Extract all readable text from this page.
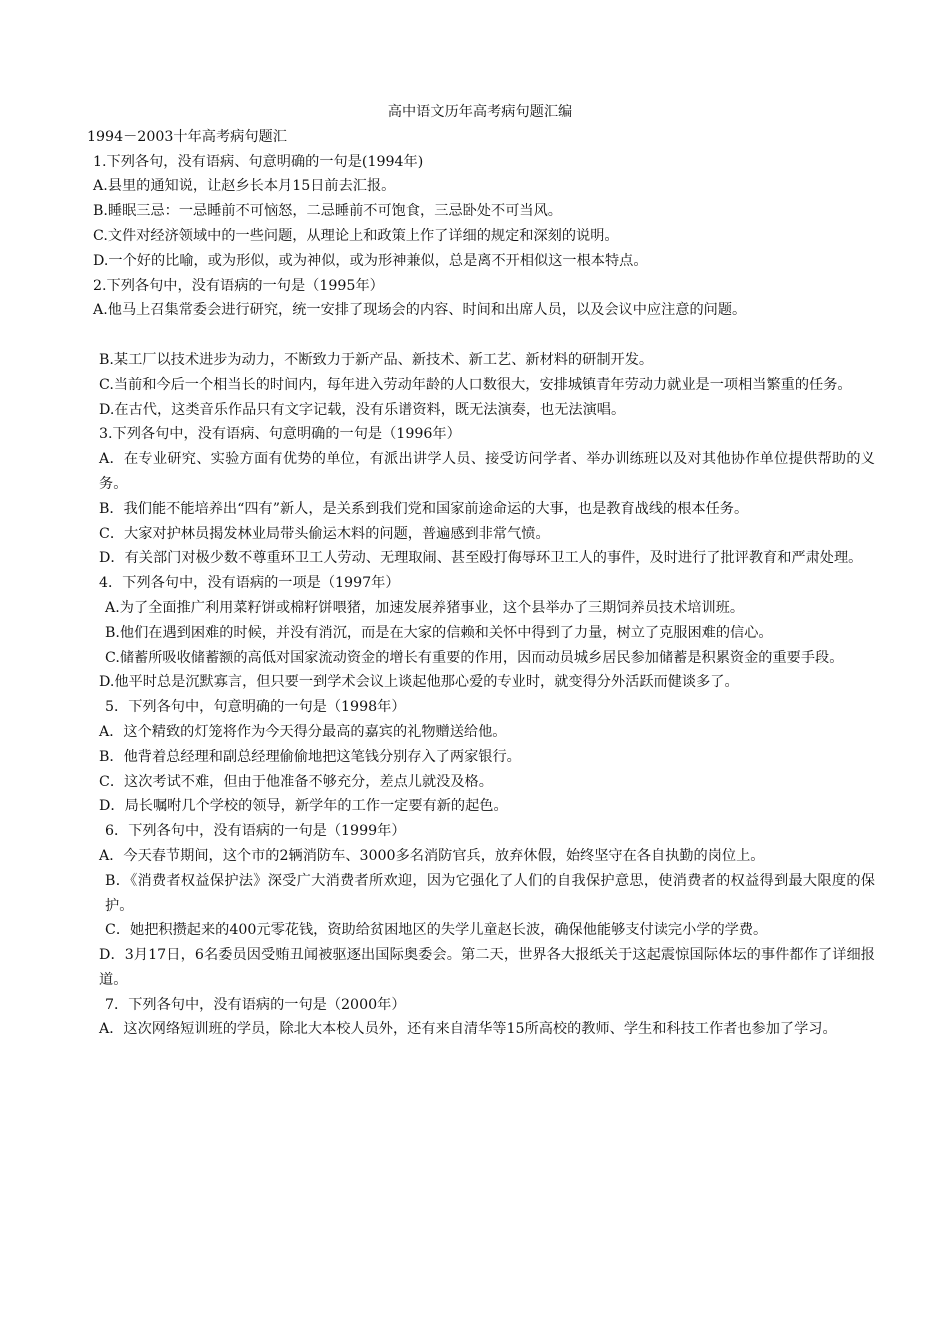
高中语文历年高考病句题汇编
1994－2003十年高考病句题汇
1.下列各句，没有语病、句意明确的一句是(1994年)
A.县里的通知说，让赵乡长本月15日前去汇报。
B.睡眠三忌：一忌睡前不可恼怒，二忌睡前不可饱食，三忌卧处不可当风。
C.文件对经济领域中的一些问题，从理论上和政策上作了详细的规定和深刻的说明。
D.一个好的比喻，或为形似，或为神似，或为形神兼似，总是离不开相似这一根本特点。
2.下列各句中，没有语病的一句是（1995年）
A.他马上召集常委会进行研究，统一安排了现场会的内容、时间和出席人员，以及会议中应注意的问题。
B.某工厂以技术进步为动力，不断致力于新产品、新技术、新工艺、新材料的研制开发。
C.当前和今后一个相当长的时间内，每年进入劳动年龄的人口数很大，安排城镇青年劳动力就业是一项相当繁重的任务。
D.在古代，这类音乐作品只有文字记载，没有乐谱资料，既无法演奏，也无法演唱。
3.下列各句中，没有语病、句意明确的一句是（1996年）
A．在专业研究、实验方面有优势的单位，有派出讲学人员、接受访问学者、举办训练班以及对其他协作单位提供帮助的义务。
B．我们能不能培养出“四有”新人，是关系到我们党和国家前途命运的大事，也是教育战线的根本任务。
C．大家对护林员揭发林业局带头偷运木料的问题，普遍感到非常气愤。
D．有关部门对极少数不尊重环卫工人劳动、无理取闹、甚至殴打侮辱环卫工人的事件，及时进行了批评教育和严肃处理。
4．下列各句中，没有语病的一项是（1997年）
A.为了全面推广利用菜籽饼或棉籽饼喂猪，加速发展养猪事业，这个县举办了三期饲养员技术培训班。
B.他们在遇到困难的时候，并没有消沉，而是在大家的信赖和关怀中得到了力量，树立了克服困难的信心。
C.储蓄所吸收储蓄额的高低对国家流动资金的增长有重要的作用，因而动员城乡居民参加储蓄是积累资金的重要手段。
D.他平时总是沉默寡言，但只要一到学术会议上谈起他那心爱的专业时，就变得分外活跃而健谈多了。
5．下列各句中，句意明确的一句是（1998年）
A．这个精致的灯笼将作为今天得分最高的嘉宾的礼物赠送给他。
B．他背着总经理和副总经理偷偷地把这笔钱分别存入了两家银行。
C．这次考试不难，但由于他准备不够充分，差点儿就没及格。
D．局长嘱咐几个学校的领导，新学年的工作一定要有新的起色。
6．下列各句中，没有语病的一句是（1999年）
A．今天春节期间，这个市的2辆消防车、3000多名消防官兵，放弃休假，始终坚守在各自执勤的岗位上。
B．《消费者权益保护法》深受广大消费者所欢迎，因为它强化了人们的自我保护意思，使消费者的权益得到最大限度的保护。
C．她把积攒起来的400元零花钱，资助给贫困地区的失学儿童赵长波，确保他能够支付读完小学的学费。
D．3月17日，6名委员因受贿丑闻被驱逐出国际奥委会。第二天，世界各大报纸关于这起震惊国际体坛的事件都作了详细报道。
7．下列各句中，没有语病的一句是（2000年）
A．这次网络短训班的学员，除北大本校人员外，还有来自清华等15所高校的教师、学生和科技工作者也参加了学习。
